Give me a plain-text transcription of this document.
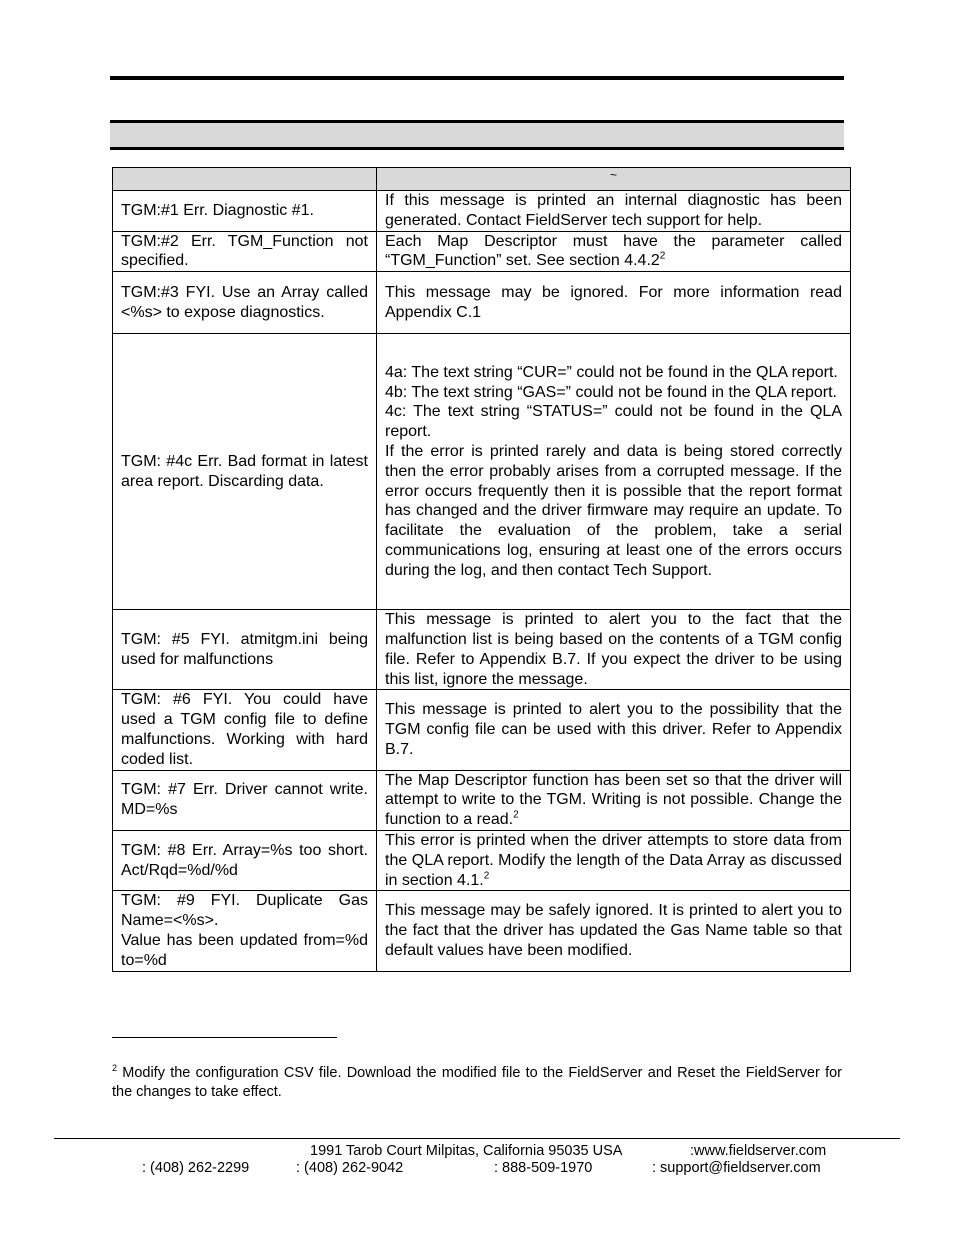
	~
TGM:#1 Err. Diagnostic #1.	If this message is printed an internal diagnostic has been generated. Contact FieldServer tech support for help.
TGM:#2 Err. TGM_Function not specified.	Each Map Descriptor must have the parameter called “TGM_Function” set. See section 4.4.2$^2$
TGM:#3 FYI. Use an Array called <%s> to expose diagnostics.	This message may be ignored. For more information read Appendix C.1
TGM: #4c Err. Bad format in latest area report. Discarding data.	4a: The text string “CUR=” could not be found in the QLA report.
4b: The text string “GAS=” could not be found in the QLA report.
4c: The text string “STATUS=” could not be found in the QLA report.
If the error is printed rarely and data is being stored correctly then the error probably arises from a corrupted message. If the error occurs frequently then it is possible that the report format has changed and the driver firmware may require an update. To facilitate the evaluation of the problem, take a serial communications log, ensuring at least one of the errors occurs during the log, and then contact Tech Support.
TGM: #5 FYI. atmitgm.ini being used for malfunctions	This message is printed to alert you to the fact that the malfunction list is being based on the contents of a TGM config file. Refer to Appendix B.7. If you expect the driver to be using this list, ignore the message.
TGM: #6 FYI. You could have used a TGM config file to define malfunctions. Working with hard coded list.	This message is printed to alert you to the possibility that the TGM config file can be used with this driver. Refer to Appendix B.7.
TGM: #7 Err. Driver cannot write. MD=%s	The Map Descriptor function has been set so that the driver will attempt to write to the TGM. Writing is not possible. Change the function to a read.$^2$
TGM: #8 Err. Array=%s too short. Act/Rqd=%d/%d	This error is printed when the driver attempts to store data from the QLA report. Modify the length of the Data Array as discussed in section 4.1.$^2$
TGM: #9 FYI. Duplicate Gas Name=<%s>.
Value has been updated from=%d to=%d	This message may be safely ignored. It is printed to alert you to the fact that the driver has updated the Gas Name table so that default values have been modified.
$^2$ Modify the configuration CSV file. Download the modified file to the FieldServer and Reset the FieldServer for the changes to take effect.
1991 Tarob Court Milpitas, California 95035 USA	:www.fieldserver.com
: (408) 262-2299	: (408) 262-9042	: 888-509-1970	: support@fieldserver.com
